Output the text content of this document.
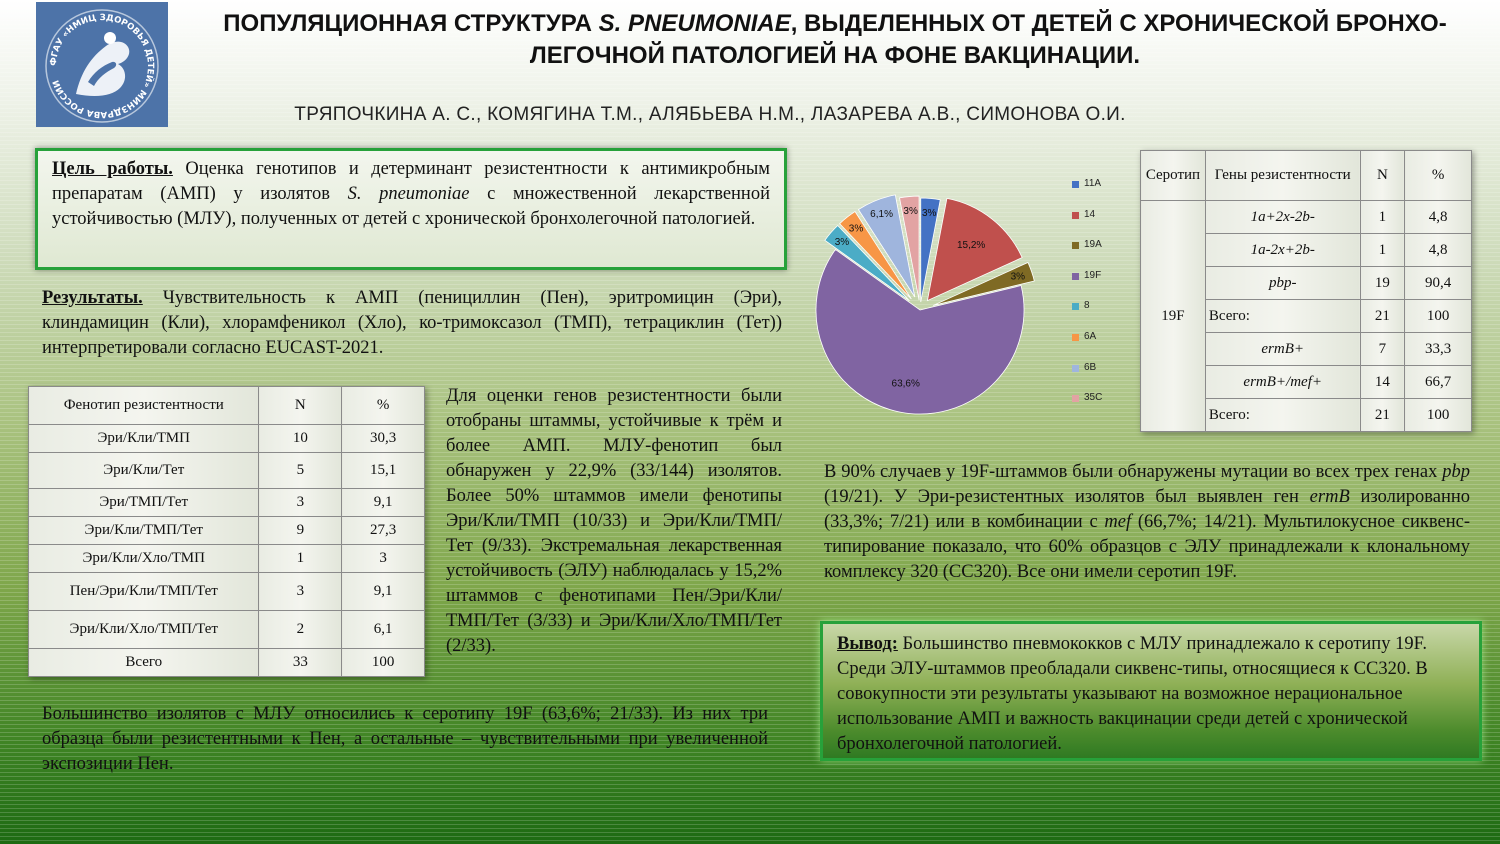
ФГАУ «НМИЦ ЗДОРОВЬЯ ДЕТЕЙ» МИНЗДРАВА РОССИИ
ПОПУЛЯЦИОННАЯ СТРУКТУРА S. PNEUMONIAE, ВЫДЕЛЕННЫХ ОТ ДЕТЕЙ С ХРОНИЧЕСКОЙ БРОНХО-ЛЕГОЧНОЙ ПАТОЛОГИЕЙ НА ФОНЕ ВАКЦИНАЦИИ.
ТРЯПОЧКИНА А. С., КОМЯГИНА Т.М., АЛЯБЬЕВА Н.М., ЛАЗАРЕВА А.В., СИМОНОВА О.И.
Цель работы. Оценка генотипов и детерминант резистентности к антимикробным препаратам (АМП) у изолятов S. pneumoniae с множественной лекарственной устойчивостью (МЛУ), полученных от детей с хронической бронхолегочной патологией.
Результаты. Чувствительность к АМП (пенициллин (Пен), эритромицин (Эри), клиндамицин (Кли), хлорамфеникол (Хло), ко-тримоксазол (ТМП), тетрациклин (Тет)) интерпретировали согласно EUCAST-2021.
Фенотип резистентности	N	%
Эри/Кли/ТМП	10	30,3
Эри/Кли/Тет	5	15,1
Эри/ТМП/Тет	3	9,1
Эри/Кли/ТМП/Тет	9	27,3
Эри/Кли/Хло/ТМП	1	3
Пен/Эри/Кли/ТМП/Тет	3	9,1
Эри/Кли/Хло/ТМП/Тет	2	6,1
Всего	33	100
Для оценки генов резистентности были отобраны штаммы, устойчивые к трём и более АМП. МЛУ-фенотип был обнаружен у 22,9% (33/144) изолятов. Более 50% штаммов имели фенотипы Эри/Кли/ТМП (10/33) и Эри/Кли/ТМП/Тет (9/33). Экстремальная лекарственная устойчивость (ЭЛУ) наблюдалась у 15,2% штаммов с фенотипами Пен/Эри/Кли/ТМП/Тет (3/33) и Эри/Кли/Хло/ТМП/Тет (2/33).
Большинство изолятов с МЛУ относились к серотипу 19F (63,6%; 21/33). Из них три образца были резистентными к Пен, а остальные – чувствительными при увеличенной экспозиции Пен.
3%
15,2%
3%
63,6%
3%
3%
6,1% 3%
11A
14
19A
19F
8
6A
6B
35C
Серотип	Гены резистентности	N	%
19F	1a+2x-2b-	1	4,8
	1a-2x+2b-	1	4,8
	pbp-	19	90,4
	Всего:	21	100
	ermB+	7	33,3
	ermB+/mef+	14	66,7
	Всего:	21	100
В 90% случаев у 19F-штаммов были обнаружены мутации во всех трех генах pbp (19/21). У Эри-резистентных изолятов был выявлен ген ermB изолированно (33,3%; 7/21) или в комбинации с mef (66,7%; 14/21). Мультилокусное сиквенс-типирование показало, что 60% образцов с ЭЛУ принадлежали к клональному комплексу 320 (СС320). Все они имели серотип 19F.
Вывод: Большинство пневмококков с МЛУ принадлежало к серотипу 19F. Среди ЭЛУ-штаммов преобладали сиквенс-типы, относящиеся к СС320. В совокупности эти результаты указывают на возможное нерациональное использование АМП и важность вакцинации среди детей с хронической бронхолегочной патологией.
